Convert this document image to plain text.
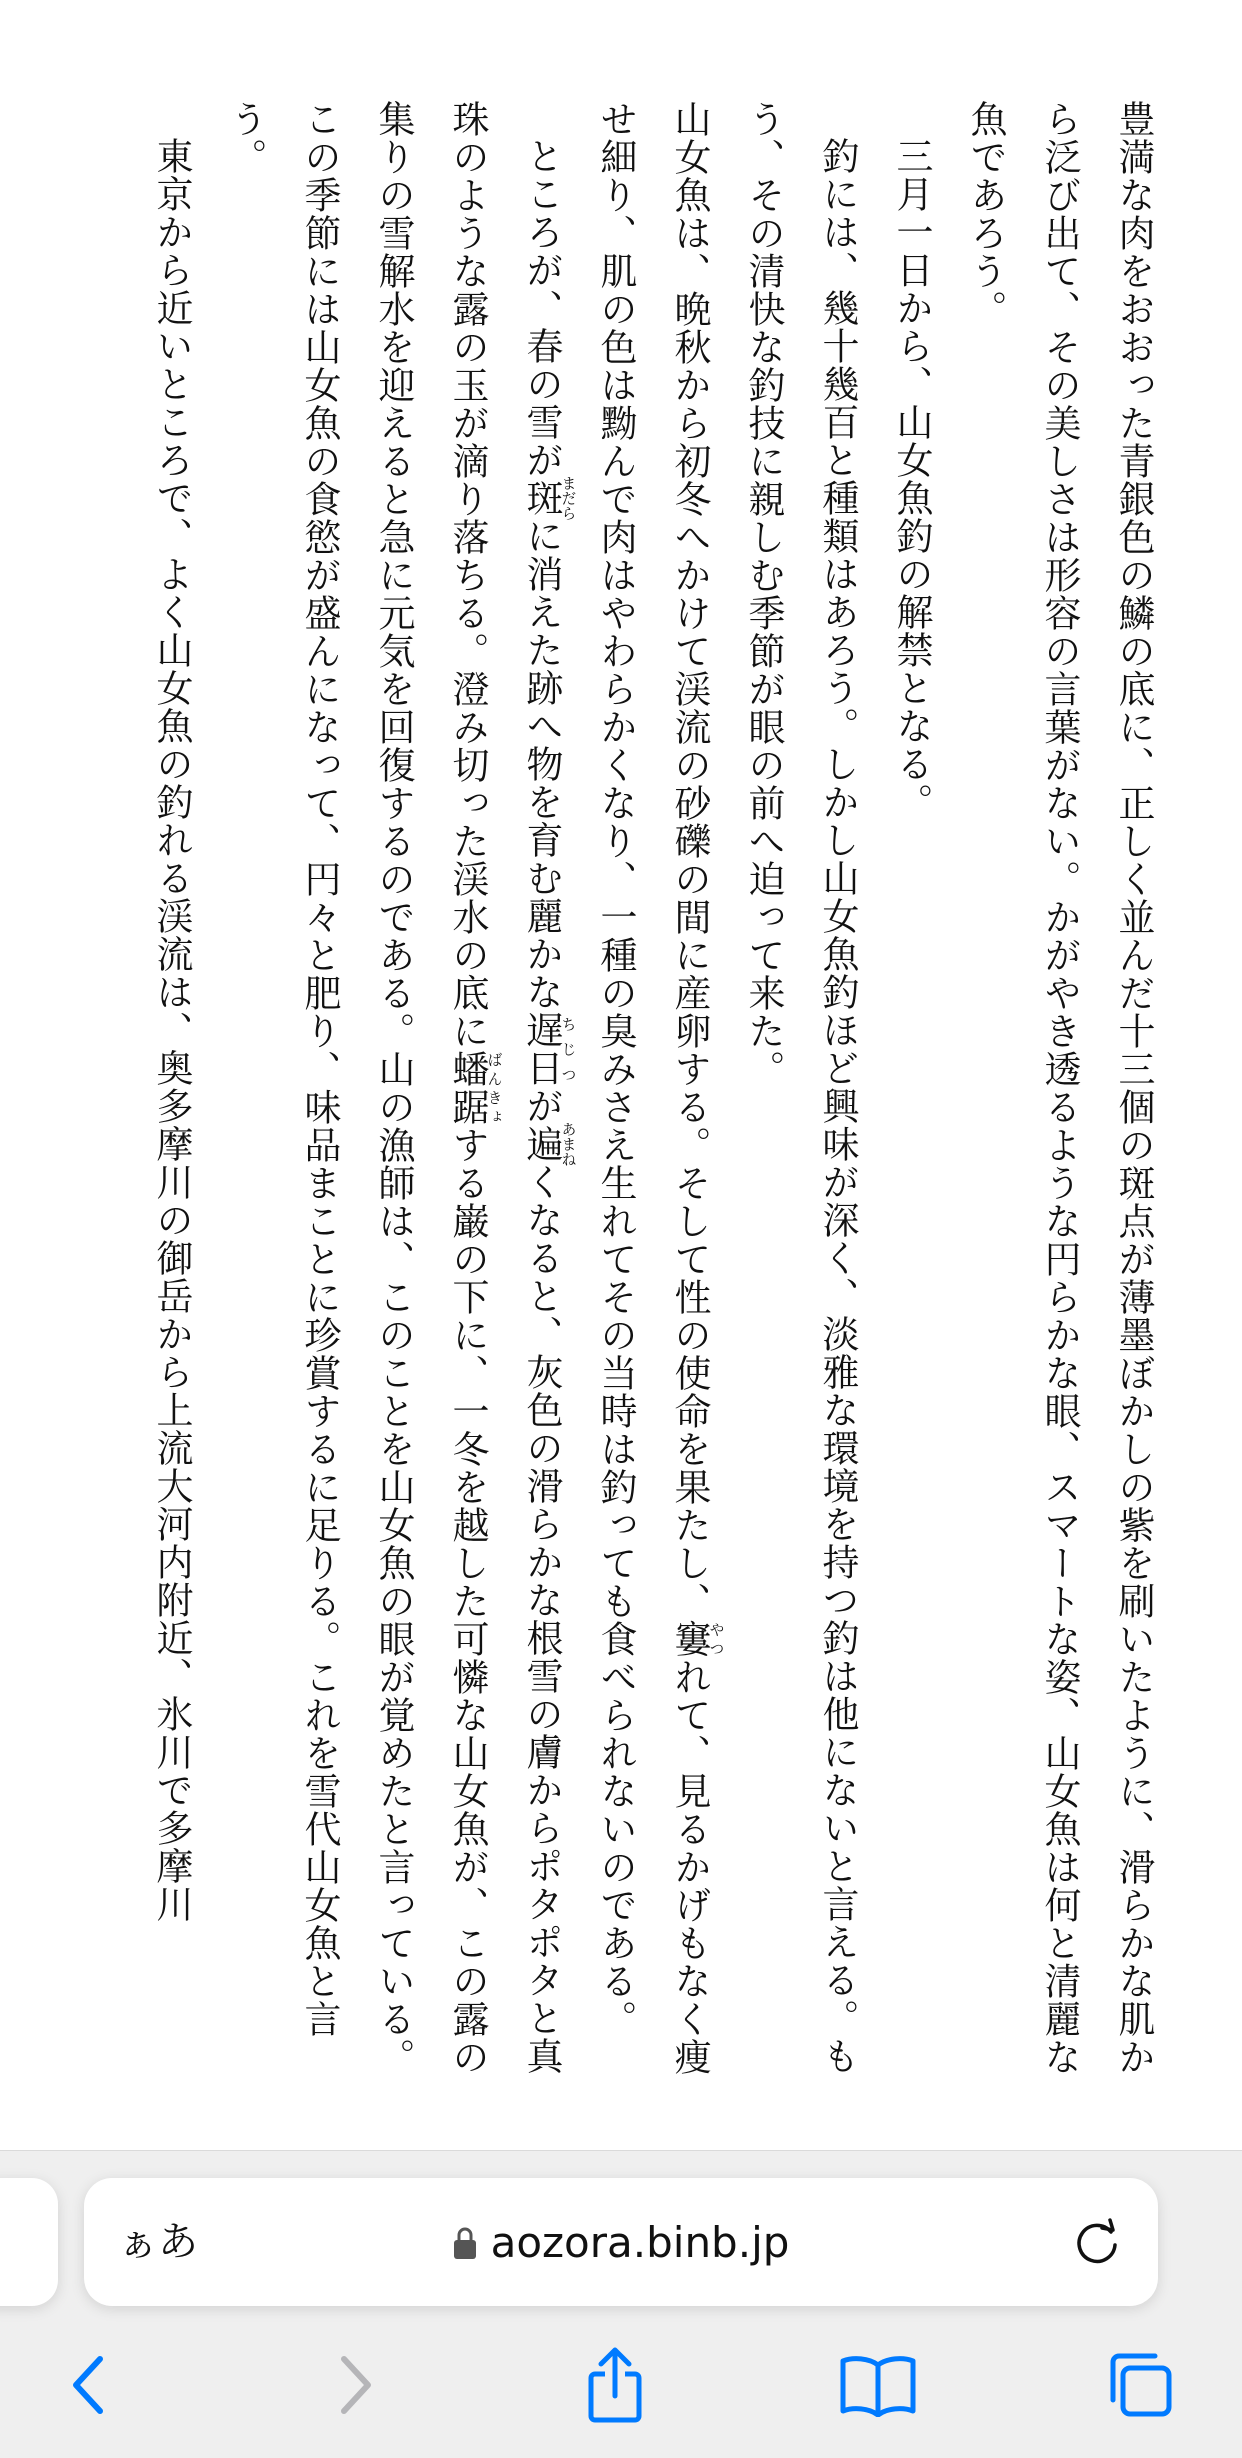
豊満な肉をおおった青銀色の鱗の底に、正しく並んだ十三個の斑点が薄墨ぼかしの紫を刷いたように、滑らかな肌から泛び出て、その美しさは形容の言葉がない。かがやき透るような円らかな眼、スマートな姿、山女魚は何と清麗な魚であろう。

三月一日から、山女魚釣の解禁となる。

釣には、幾十幾百と種類はあろう。しかし山女魚釣ほど興味が深く、淡雅な環境を持つ釣は他にないと言える。もう、その清快な釣技に親しむ季節が眼の前へ迫って来た。

山女魚は、晩秋から初冬へかけて渓流の砂礫の間に産卵する。そして性の使命を果たし、窶やつれて、見るかげもなく痩せ細り、肌の色は黝んで肉はやわらかくなり、一種の臭みさえ生れてその当時は釣っても食べられないのである。

ところが、春の雪が斑まだらに消えた跡へ物を育む麗かな遅日ちじつが遍あまねくなると、灰色の滑らかな根雪の膚からポタポタと真珠のような露の玉が滴り落ちる。澄み切った渓水の底に蟠踞ばんきょする巌の下に、一冬を越した可憐な山女魚が、この露の集りの雪解水を迎えると急に元気を回復するのである。山の漁師は、このことを山女魚の眼が覚めたと言っている。この季節には山女魚の食慾が盛んになって、円々と肥り、味品まことに珍賞するに足りる。これを雪代山女魚と言う。

東京から近いところで、よく山女魚の釣れる渓流は、奥多摩川の御岳から上流大河内附近、氷川で多摩川

ぁあ	aozora.binb.jp
